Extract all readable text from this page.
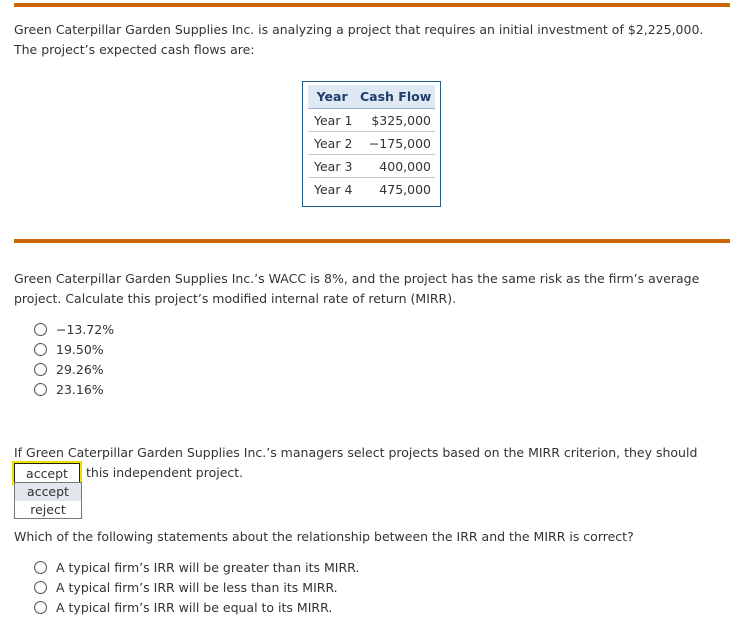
Green Caterpillar Garden Supplies Inc. is analyzing a project that requires an initial investment of $2,225,000. The project’s expected cash flows are:

Year	Cash Flow
Year 1	$325,000
Year 2	−175,000
Year 3	400,000
Year 4	475,000

Green Caterpillar Garden Supplies Inc.’s WACC is 8%, and the project has the same risk as the firm’s average project. Calculate this project’s modified internal rate of return (MIRR).

−13.72%
19.50%
29.26%
23.16%

If Green Caterpillar Garden Supplies Inc.’s managers select projects based on the MIRR criterion, they should

accept	this independent project.
accept
reject

Which of the following statements about the relationship between the IRR and the MIRR is correct?

A typical firm’s IRR will be greater than its MIRR.
A typical firm’s IRR will be less than its MIRR.
A typical firm’s IRR will be equal to its MIRR.
